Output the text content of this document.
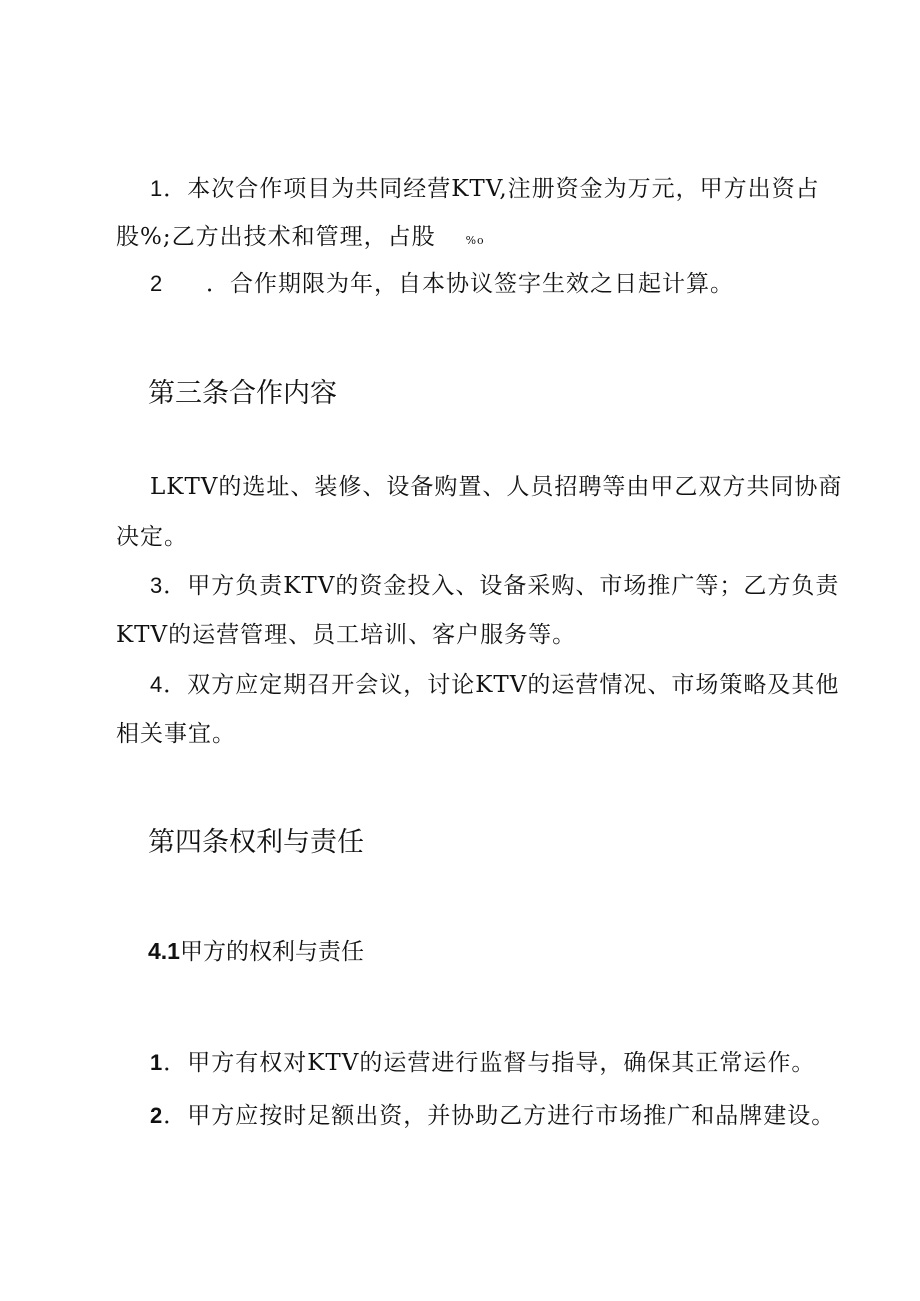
1．本次合作项目为共同经营KTV,注册资金为万元，甲方出资占
股%;乙方出技术和管理，占股	%o
2 ．合作期限为年，自本协议签字生效之日起计算。
第三条合作内容
LKTV的选址、装修、设备购置、人员招聘等由甲乙双方共同协商
决定。
3．甲方负责KTV的资金投入、设备采购、市场推广等；乙方负责
KTV的运营管理、员工培训、客户服务等。
4．双方应定期召开会议，讨论KTV的运营情况、市场策略及其他
相关事宜。
第四条权利与责任
4.1甲方的权利与责任
1．甲方有权对KTV的运营进行监督与指导，确保其正常运作。
2．甲方应按时足额出资，并协助乙方进行市场推广和品牌建设。
